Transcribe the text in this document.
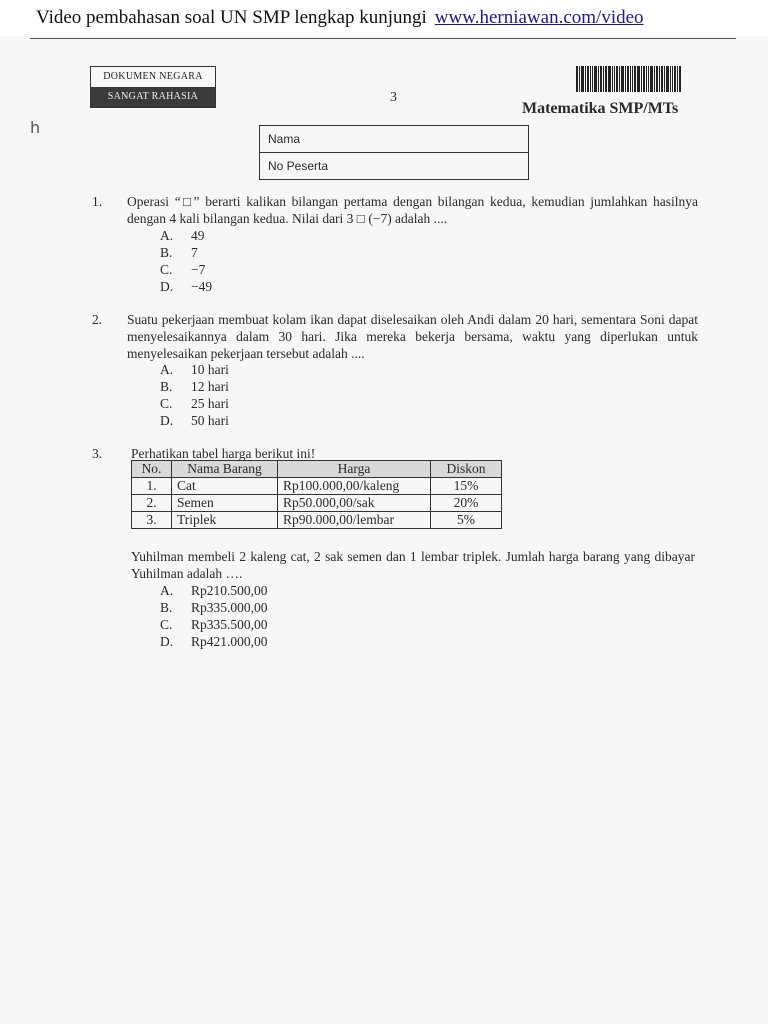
Video pembahasan soal UN SMP lengkap kunjungi www.herniawan.com/video
DOKUMEN NEGARA
SANGAT RAHASIA	3
Matematika SMP/MTs
h
Nama
No Peserta
1. Operasi “□” berarti kalikan bilangan pertama dengan bilangan kedua, kemudian jumlahkan hasilnya dengan 4 kali bilangan kedua. Nilai dari 3 □ (−7) adalah ....
A. 49
B. 7
C. −7
D. −49
2. Suatu pekerjaan membuat kolam ikan dapat diselesaikan oleh Andi dalam 20 hari, sementara Soni dapat menyelesaikannya dalam 30 hari. Jika mereka bekerja bersama, waktu yang diperlukan untuk menyelesaikan pekerjaan tersebut adalah ....
A. 10 hari
B. 12 hari
C. 25 hari
D. 50 hari
3. Perhatikan tabel harga berikut ini!
No.	Nama Barang	Harga	Diskon
1.	Cat	Rp100.000,00/kaleng	15%
2.	Semen	Rp50.000,00/sak	20%
3.	Triplek	Rp90.000,00/lembar	5%
Yuhilman membeli 2 kaleng cat, 2 sak semen dan 1 lembar triplek. Jumlah harga barang yang dibayar Yuhilman adalah ….
A. Rp210.500,00
B. Rp335.000,00
C. Rp335.500,00
D. Rp421.000,00
